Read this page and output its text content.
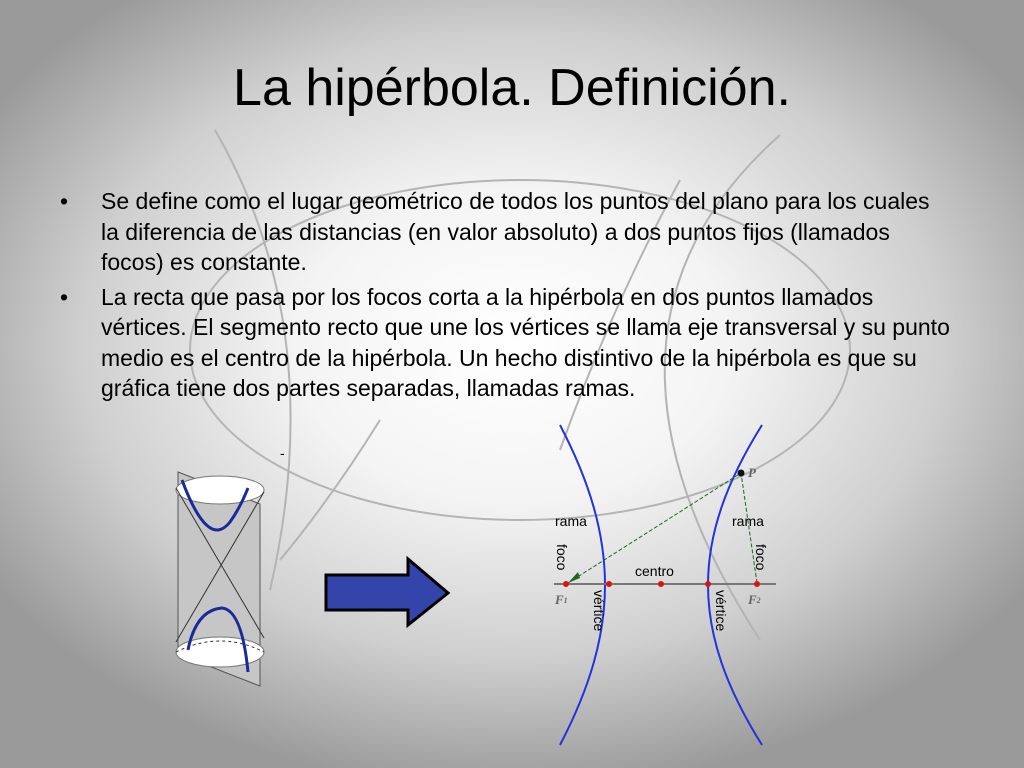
La hipérbola. Definición.
• Se define como el lugar geométrico de todos los puntos del plano para los cuales la diferencia de las distancias (en valor absoluto) a dos puntos fijos (llamados focos) es constante.
• La recta que pasa por los focos corta a la hipérbola en dos puntos llamados vértices. El segmento recto que une los vértices se llama eje transversal y su punto medio es el centro de la hipérbola. Un hecho distintivo de la hipérbola es que su gráfica tiene dos partes separadas, llamadas ramas.
-
P
rama	rama
centro
foco	foco
vértice	vértice
F1	F2
